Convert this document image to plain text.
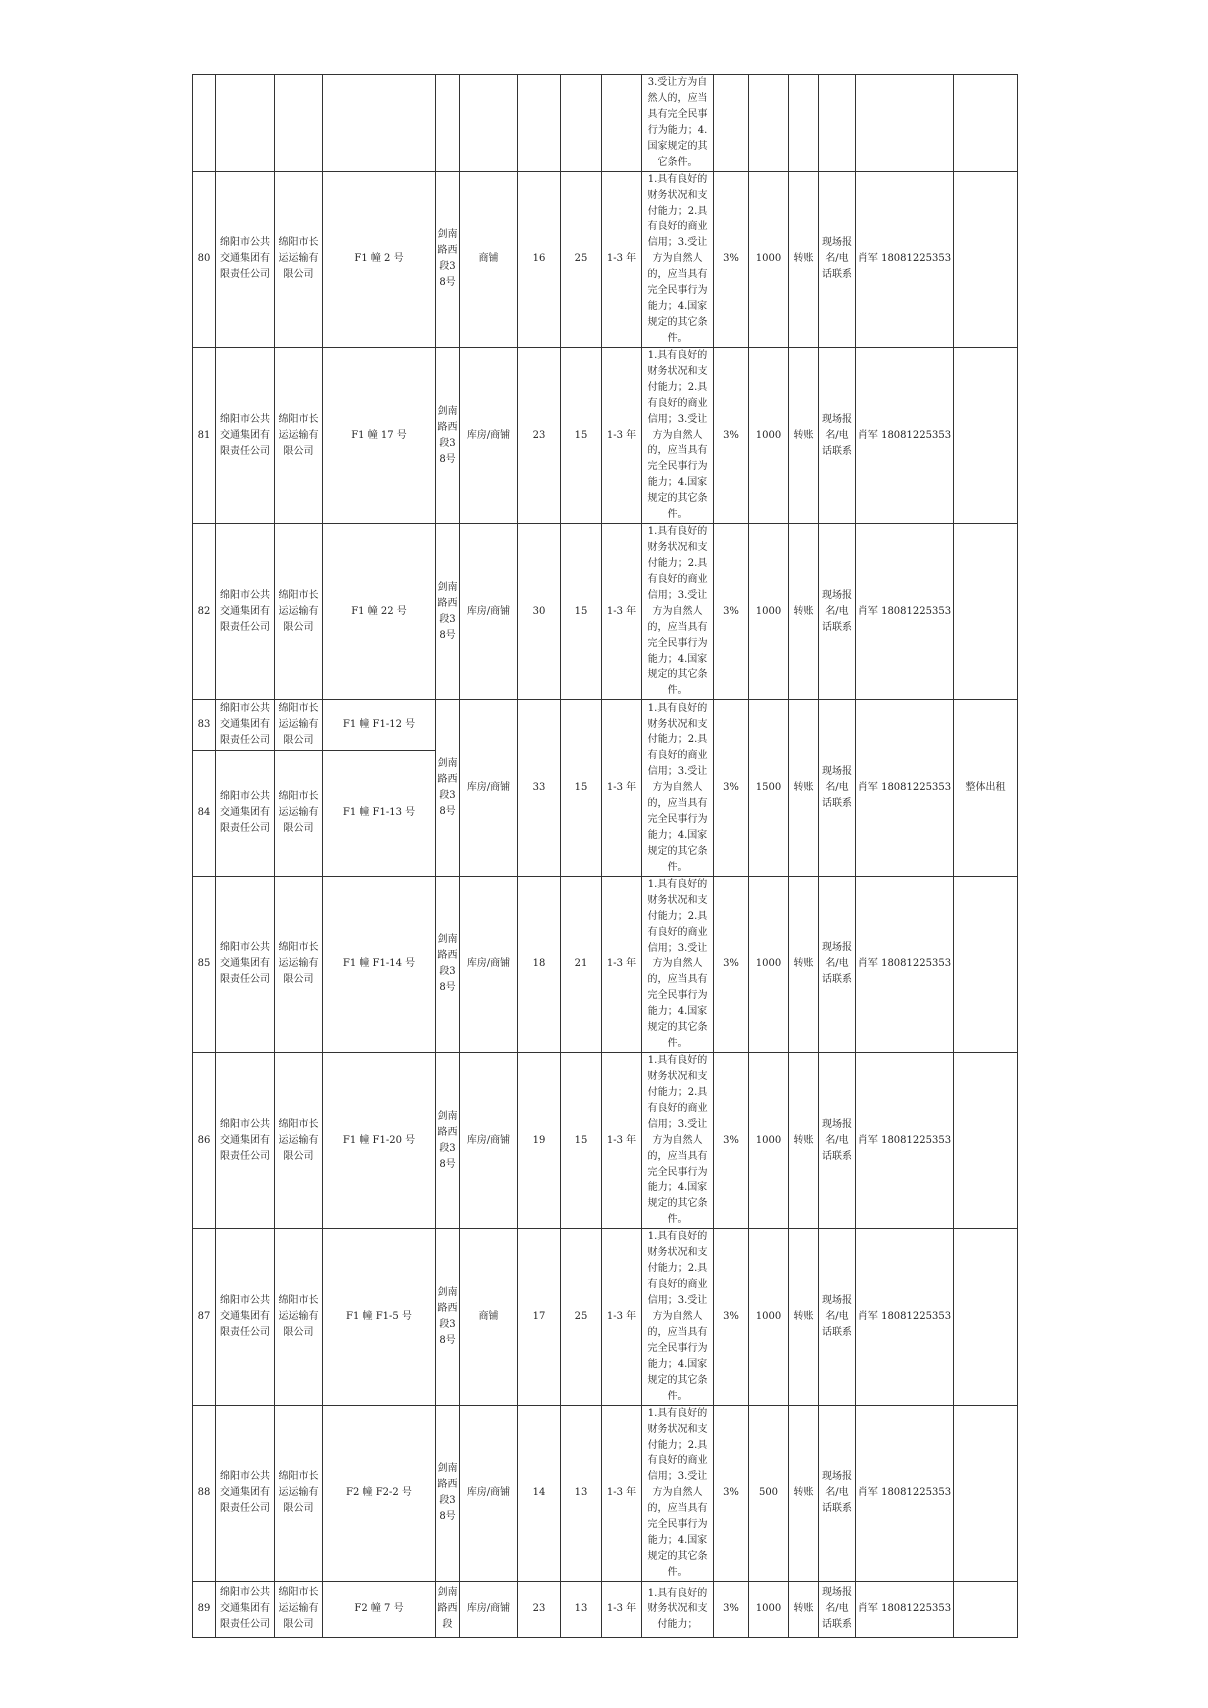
									3.受让方为自然人的，应当具有完全民事行为能力；4.国家规定的其它条件。						
80	绵阳市公共交通集团有限责任公司	绵阳市长运运输有限公司	F1 幢 2 号	剑南路西段38号	商铺	16	25	1-3 年	1.具有良好的财务状况和支付能力；2.具有良好的商业信用；3.受让方为自然人的，应当具有完全民事行为能力；4.国家规定的其它条件。	3%	1000	转账	现场报名/电话联系	肖军 18081225353	
81	绵阳市公共交通集团有限责任公司	绵阳市长运运输有限公司	F1 幢 17 号	剑南路西段38号	库房/商铺	23	15	1-3 年	1.具有良好的财务状况和支付能力；2.具有良好的商业信用；3.受让方为自然人的，应当具有完全民事行为能力；4.国家规定的其它条件。	3%	1000	转账	现场报名/电话联系	肖军 18081225353	
82	绵阳市公共交通集团有限责任公司	绵阳市长运运输有限公司	F1 幢 22 号	剑南路西段38号	库房/商铺	30	15	1-3 年	1.具有良好的财务状况和支付能力；2.具有良好的商业信用；3.受让方为自然人的，应当具有完全民事行为能力；4.国家规定的其它条件。	3%	1000	转账	现场报名/电话联系	肖军 18081225353	
83	绵阳市公共交通集团有限责任公司	绵阳市长运运输有限公司	F1 幢 F1-12 号	剑南路西段38号	库房/商铺	33	15	1-3 年	1.具有良好的财务状况和支付能力；2.具有良好的商业信用；3.受让方为自然人的，应当具有完全民事行为能力；4.国家规定的其它条件。	3%	1500	转账	现场报名/电话联系	肖军 18081225353	整体出租
84	绵阳市公共交通集团有限责任公司	绵阳市长运运输有限公司	F1 幢 F1-13 号												
85	绵阳市公共交通集团有限责任公司	绵阳市长运运输有限公司	F1 幢 F1-14 号	剑南路西段38号	库房/商铺	18	21	1-3 年	1.具有良好的财务状况和支付能力；2.具有良好的商业信用；3.受让方为自然人的，应当具有完全民事行为能力；4.国家规定的其它条件。	3%	1000	转账	现场报名/电话联系	肖军 18081225353	
86	绵阳市公共交通集团有限责任公司	绵阳市长运运输有限公司	F1 幢 F1-20 号	剑南路西段38号	库房/商铺	19	15	1-3 年	1.具有良好的财务状况和支付能力；2.具有良好的商业信用；3.受让方为自然人的，应当具有完全民事行为能力；4.国家规定的其它条件。	3%	1000	转账	现场报名/电话联系	肖军 18081225353	
87	绵阳市公共交通集团有限责任公司	绵阳市长运运输有限公司	F1 幢 F1-5 号	剑南路西段38号	商铺	17	25	1-3 年	1.具有良好的财务状况和支付能力；2.具有良好的商业信用；3.受让方为自然人的，应当具有完全民事行为能力；4.国家规定的其它条件。	3%	1000	转账	现场报名/电话联系	肖军 18081225353	
88	绵阳市公共交通集团有限责任公司	绵阳市长运运输有限公司	F2 幢 F2-2 号	剑南路西段38号	库房/商铺	14	13	1-3 年	1.具有良好的财务状况和支付能力；2.具有良好的商业信用；3.受让方为自然人的，应当具有完全民事行为能力；4.国家规定的其它条件。	3%	500	转账	现场报名/电话联系	肖军 18081225353	
89	绵阳市公共交通集团有限责任公司	绵阳市长运运输有限公司	F2 幢 7 号	剑南路西段	库房/商铺	23	13	1-3 年	1.具有良好的财务状况和支付能力；	3%	1000	转账	现场报名/电话联系	肖军 18081225353	
